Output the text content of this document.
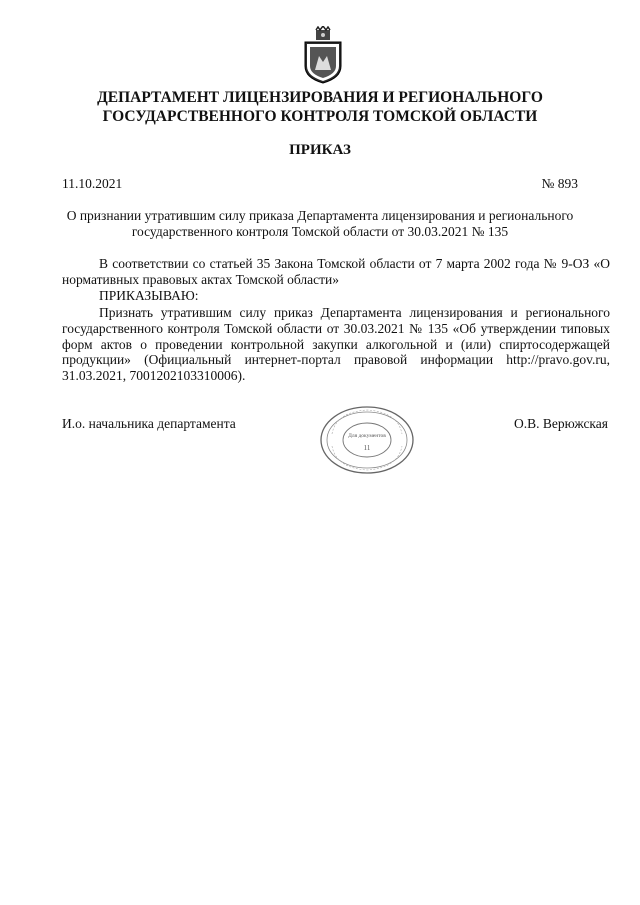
ДЕПАРТАМЕНТ ЛИЦЕНЗИРОВАНИЯ И РЕГИОНАЛЬНОГО
ГОСУДАРСТВЕННОГО КОНТРОЛЯ ТОМСКОЙ ОБЛАСТИ
ПРИКАЗ
11.10.2021	№ 893
О признании утратившим силу приказа Департамента лицензирования и регионального государственного контроля Томской области от 30.03.2021 № 135
В соответствии со статьей 35 Закона Томской области от 7 марта 2002 года № 9-ОЗ «О нормативных правовых актах Томской области»
ПРИКАЗЫВАЮ:
Признать утратившим силу приказ Департамента лицензирования и регионального государственного контроля Томской области от 30.03.2021 № 135 «Об утверждении типовых форм актов о проведении контрольной закупки алкогольной и (или) спиртосодержащей продукции» (Официальный интернет-портал правовой информации http://pravo.gov.ru, 31.03.2021, 7001202103310006).
И.о. начальника департамента
Для документов
11
О.В. Верюжская
